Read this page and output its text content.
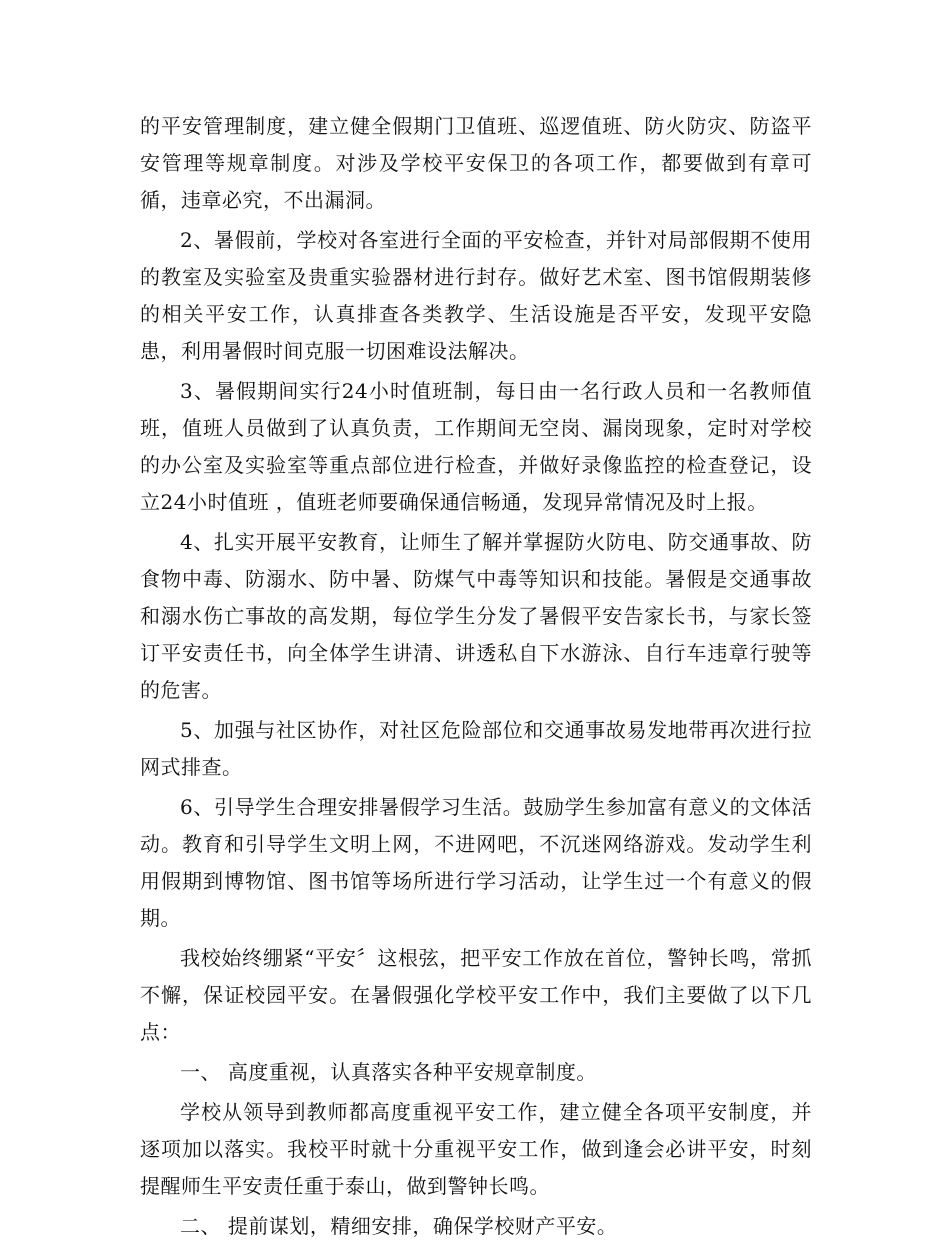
的平安管理制度，建立健全假期门卫值班、巡逻值班、防火防灾、防盗平安管理等规章制度。对涉及学校平安保卫的各项工作，都要做到有章可循，违章必究，不出漏洞。

2、暑假前，学校对各室进行全面的平安检查，并针对局部假期不使用的教室及实验室及贵重实验器材进行封存。做好艺术室、图书馆假期装修的相关平安工作，认真排查各类教学、生活设施是否平安，发现平安隐患，利用暑假时间克服一切困难设法解决。

3、暑假期间实行24小时值班制，每日由一名行政人员和一名教师值班，值班人员做到了认真负责，工作期间无空岗、漏岗现象，定时对学校的办公室及实验室等重点部位进行检查，并做好录像监控的检查登记，设立24小时值班 ，值班老师要确保通信畅通，发现异常情况及时上报。

4、扎实开展平安教育，让师生了解并掌握防火防电、防交通事故、防食物中毒、防溺水、防中暑、防煤气中毒等知识和技能。暑假是交通事故和溺水伤亡事故的高发期，每位学生分发了暑假平安告家长书，与家长签订平安责任书，向全体学生讲清、讲透私自下水游泳、自行车违章行驶等的危害。

5、加强与社区协作，对社区危险部位和交通事故易发地带再次进行拉网式排查。

6、引导学生合理安排暑假学习生活。鼓励学生参加富有意义的文体活动。教育和引导学生文明上网，不进网吧，不沉迷网络游戏。发动学生利用假期到博物馆、图书馆等场所进行学习活动，让学生过一个有意义的假期。

我校始终绷紧“平安〞这根弦，把平安工作放在首位，警钟长鸣，常抓不懈，保证校园平安。在暑假强化学校平安工作中，我们主要做了以下几点：

一、 高度重视，认真落实各种平安规章制度。

学校从领导到教师都高度重视平安工作，建立健全各项平安制度，并逐项加以落实。我校平时就十分重视平安工作，做到逢会必讲平安，时刻提醒师生平安责任重于泰山，做到警钟长鸣。

二、 提前谋划，精细安排，确保学校财产平安。
